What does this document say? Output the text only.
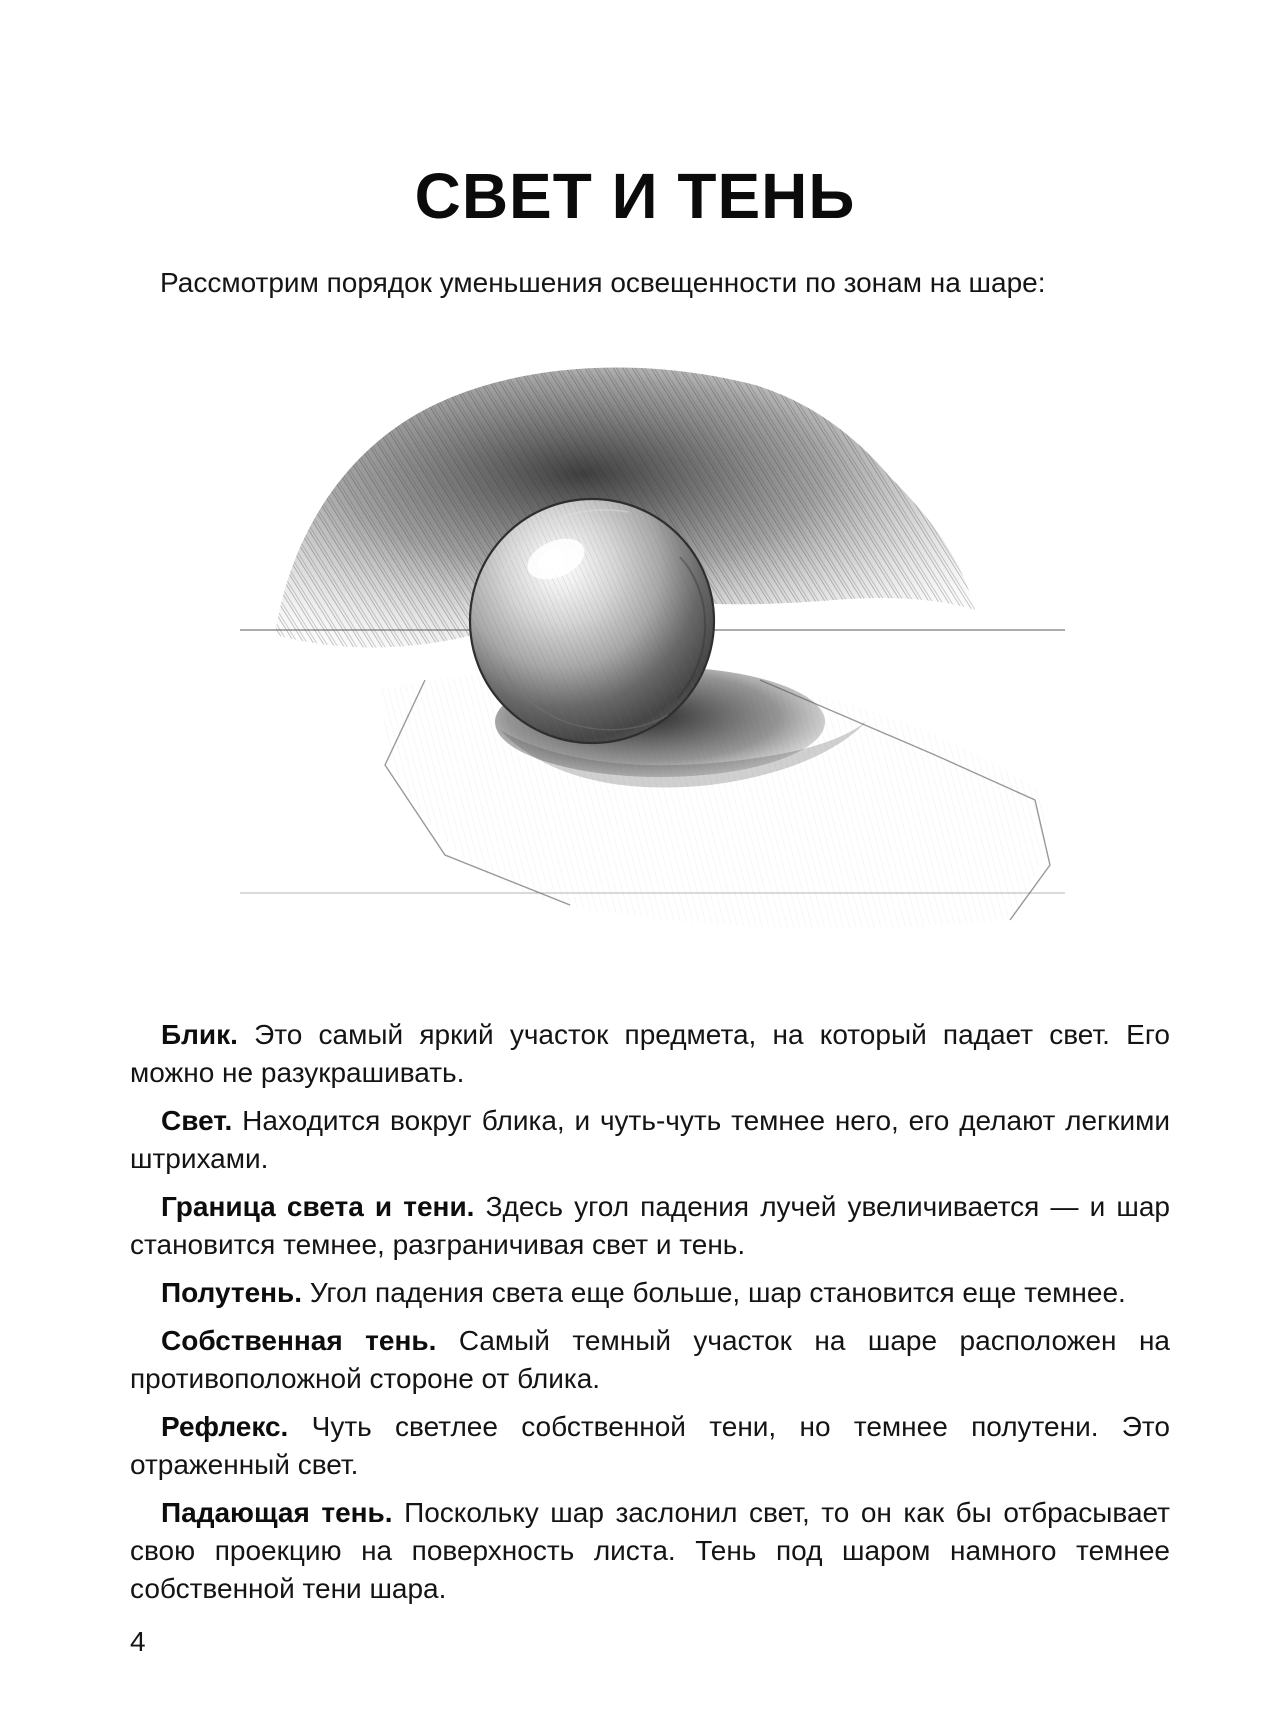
СВЕТ И ТЕНЬ
Рассмотрим порядок уменьшения освещенности по зонам на шаре:

Блик. Это самый яркий участок предмета, на который падает свет. Его можно не разукрашивать.

Свет. Находится вокруг блика, и чуть-чуть темнее него, его делают легкими штрихами.

Граница света и тени. Здесь угол падения лучей увеличивается — и шар становится темнее, разграничивая свет и тень.

Полутень. Угол падения света еще больше, шар становится еще темнее.

Собственная тень. Самый темный участок на шаре расположен на противоположной стороне от блика.

Рефлекс. Чуть светлее собственной тени, но темнее полутени. Это отраженный свет.

Падающая тень. Поскольку шар заслонил свет, то он как бы отбрасывает свою проекцию на поверхность листа. Тень под шаром намного темнее собственной тени шара.

4
